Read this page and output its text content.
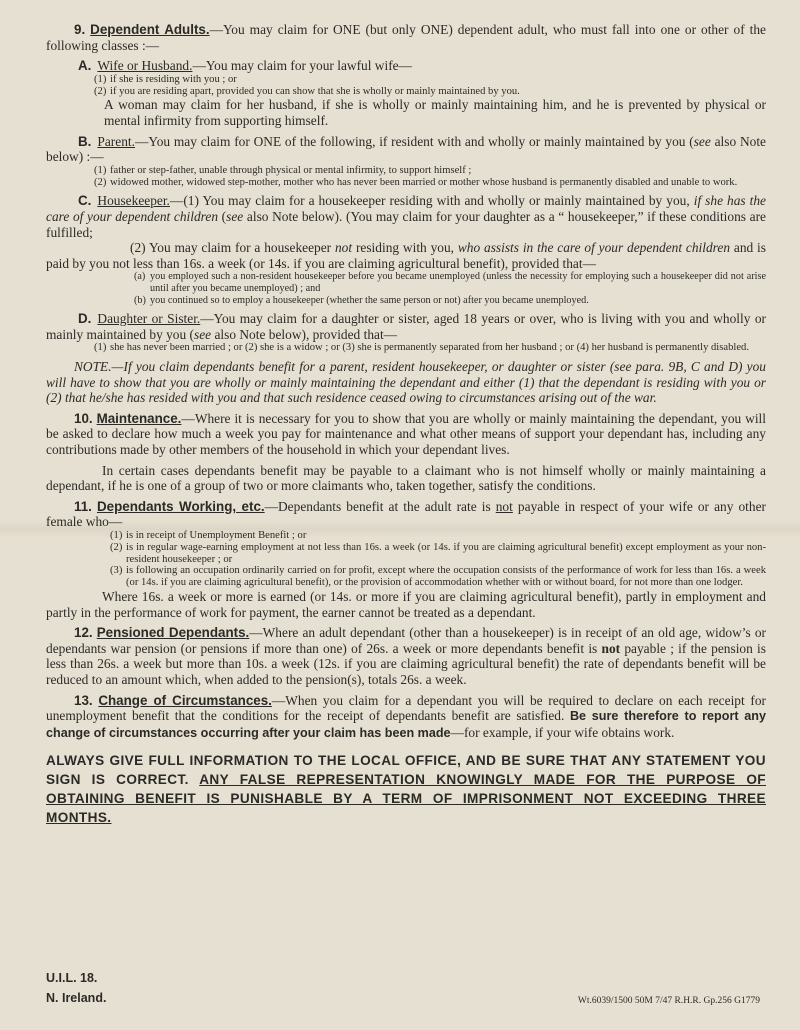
9. Dependent Adults.—You may claim for ONE (but only ONE) dependent adult, who must fall into one or other of the following classes :—

A. Wife or Husband.—You may claim for your lawful wife—

(1) if she is residing with you ; or
(2) if you are residing apart, provided you can show that she is wholly or mainly maintained by you.

A woman may claim for her husband, if she is wholly or mainly maintaining him, and he is prevented by physical or mental infirmity from supporting himself.

B. Parent.—You may claim for ONE of the following, if resident with and wholly or mainly maintained by you (see also Note below) :—

(1) father or step-father, unable through physical or mental infirmity, to support himself ;
(2) widowed mother, widowed step-mother, mother who has never been married or mother whose husband is permanently disabled and unable to work.

C. Housekeeper.—(1) You may claim for a housekeeper residing with and wholly or mainly maintained by you, if she has the care of your dependent children (see also Note below). (You may claim for your daughter as a “ housekeeper,” if these conditions are fulfilled;

(2) You may claim for a housekeeper not residing with you, who assists in the care of your dependent children and is paid by you not less than 16s. a week (or 14s. if you are claiming agricultural benefit), provided that—

(a) you employed such a non-resident housekeeper before you became unemployed (unless the necessity for employing such a housekeeper did not arise until after you became unemployed) ; and
(b) you continued so to employ a housekeeper (whether the same person or not) after you became unemployed.

D. Daughter or Sister.—You may claim for a daughter or sister, aged 18 years or over, who is living with you and wholly or mainly maintained by you (see also Note below), provided that—

(1) she has never been married ; or (2) she is a widow ; or (3) she is permanently separated from her husband ; or (4) her husband is permanently disabled.

NOTE.—If you claim dependants benefit for a parent, resident housekeeper, or daughter or sister (see para. 9B, C and D) you will have to show that you are wholly or mainly maintaining the dependant and either (1) that the dependant is residing with you or (2) that he/she has resided with you and that such residence ceased owing to circumstances arising out of the war.

10. Maintenance.—Where it is necessary for you to show that you are wholly or mainly maintaining the dependant, you will be asked to declare how much a week you pay for maintenance and what other means of support your dependant has, including any contributions made by other members of the household in which your dependant lives.

In certain cases dependants benefit may be payable to a claimant who is not himself wholly or mainly maintaining a dependant, if he is one of a group of two or more claimants who, taken together, satisfy the conditions.

11. Dependants Working, etc.—Dependants benefit at the adult rate is not payable in respect of your wife or any other female who—

(1) is in receipt of Unemployment Benefit ; or
(2) is in regular wage-earning employment at not less than 16s. a week (or 14s. if you are claiming agricultural benefit) except employment as your non-resident housekeeper ; or
(3) is following an occupation ordinarily carried on for profit, except where the occupation consists of the performance of work for less than 16s. a week (or 14s. if you are claiming agricultural benefit), or the provision of accommodation whether with or without board, for not more than one lodger.

Where 16s. a week or more is earned (or 14s. or more if you are claiming agricultural benefit), partly in employment and partly in the performance of work for payment, the earner cannot be treated as a dependant.

12. Pensioned Dependants.—Where an adult dependant (other than a housekeeper) is in receipt of an old age, widow’s or dependants war pension (or pensions if more than one) of 26s. a week or more dependants benefit is not payable ; if the pension is less than 26s. a week but more than 10s. a week (12s. if you are claiming agricultural benefit) the rate of dependants benefit will be reduced to an amount which, when added to the pension(s), totals 26s. a week.

13. Change of Circumstances.—When you claim for a dependant you will be required to declare on each receipt for unemployment benefit that the conditions for the receipt of dependants benefit are satisfied. Be sure therefore to report any change of circumstances occurring after your claim has been made—for example, if your wife obtains work.

ALWAYS GIVE FULL INFORMATION TO THE LOCAL OFFICE, AND BE SURE THAT ANY STATEMENT YOU SIGN IS CORRECT. ANY FALSE REPRESENTATION KNOWINGLY MADE FOR THE PURPOSE OF OBTAINING BENEFIT IS PUNISHABLE BY A TERM OF IMPRISONMENT NOT EXCEEDING THREE MONTHS.

U.I.L. 18.
N. Ireland.	Wt.6039/1500 50M 7/47 R.H.R. Gp.256 G1779
